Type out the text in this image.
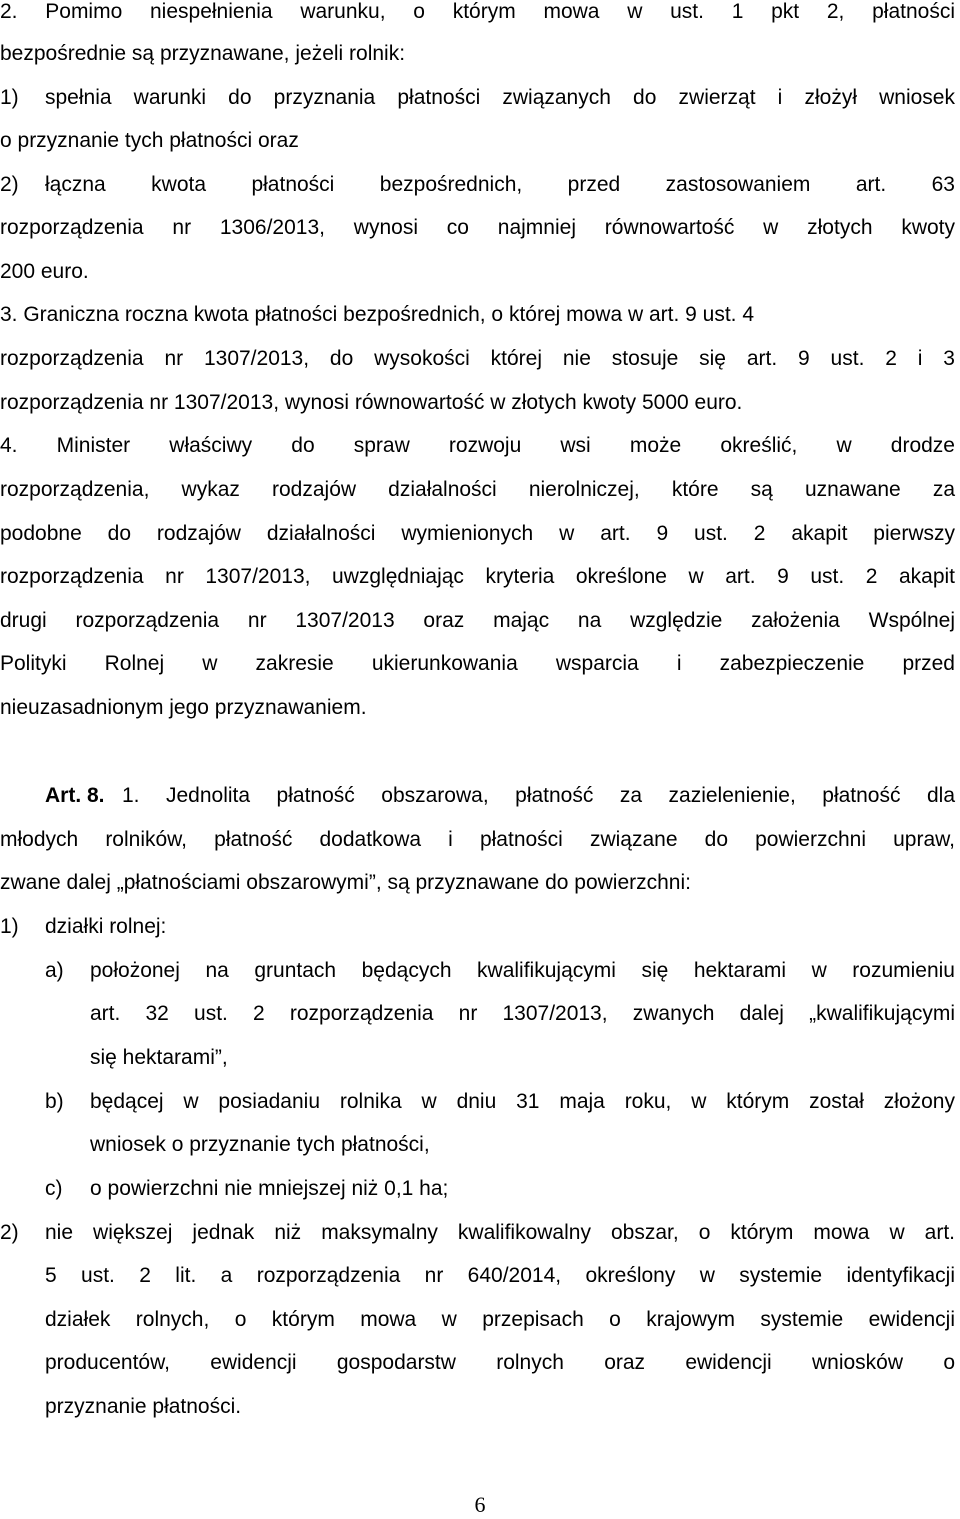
2. Pomimo niespełnienia warunku, o którym mowa w ust. 1 pkt 2, płatności
bezpośrednie są przyznawane, jeżeli rolnik:
1)	spełnia warunki do przyznania płatności związanych do zwierząt i złożył wniosek
o przyznanie tych płatności oraz
2)	łączna kwota płatności bezpośrednich, przed zastosowaniem art. 63
rozporządzenia nr 1306/2013, wynosi co najmniej równowartość w złotych kwoty
200 euro.
3. Graniczna roczna kwota płatności bezpośrednich, o której mowa w art. 9 ust. 4
rozporządzenia nr 1307/2013, do wysokości której nie stosuje się art. 9 ust. 2 i 3
rozporządzenia nr 1307/2013, wynosi równowartość w złotych kwoty 5000 euro.
4. Minister właściwy do spraw rozwoju wsi może określić, w drodze
rozporządzenia, wykaz rodzajów działalności nierolniczej, które są uznawane za
podobne do rodzajów działalności wymienionych w art. 9 ust. 2 akapit pierwszy
rozporządzenia nr 1307/2013, uwzględniając kryteria określone w art. 9 ust. 2 akapit
drugi rozporządzenia nr 1307/2013 oraz mając na względzie założenia Wspólnej
Polityki Rolnej w zakresie ukierunkowania wsparcia i zabezpieczenie przed
nieuzasadnionym jego przyznawaniem.
Art. 8. 1. Jednolita płatność obszarowa, płatność za zazielenienie, płatność dla
młodych rolników, płatność dodatkowa i płatności związane do powierzchni upraw,
zwane dalej „płatnościami obszarowymi”, są przyznawane do powierzchni:
1)	działki rolnej:
a)	położonej na gruntach będących kwalifikującymi się hektarami w rozumieniu
art. 32 ust. 2 rozporządzenia nr 1307/2013, zwanych dalej „kwalifikującymi
się hektarami”,
b)	będącej w posiadaniu rolnika w dniu 31 maja roku, w którym został złożony
wniosek o przyznanie tych płatności,
c)	o powierzchni nie mniejszej niż 0,1 ha;
2)	nie większej jednak niż maksymalny kwalifikowalny obszar, o którym mowa w art.
5 ust. 2 lit. a rozporządzenia nr 640/2014, określony w systemie identyfikacji
działek rolnych, o którym mowa w przepisach o krajowym systemie ewidencji
producentów, ewidencji gospodarstw rolnych oraz ewidencji wniosków o
przyznanie płatności.
6
